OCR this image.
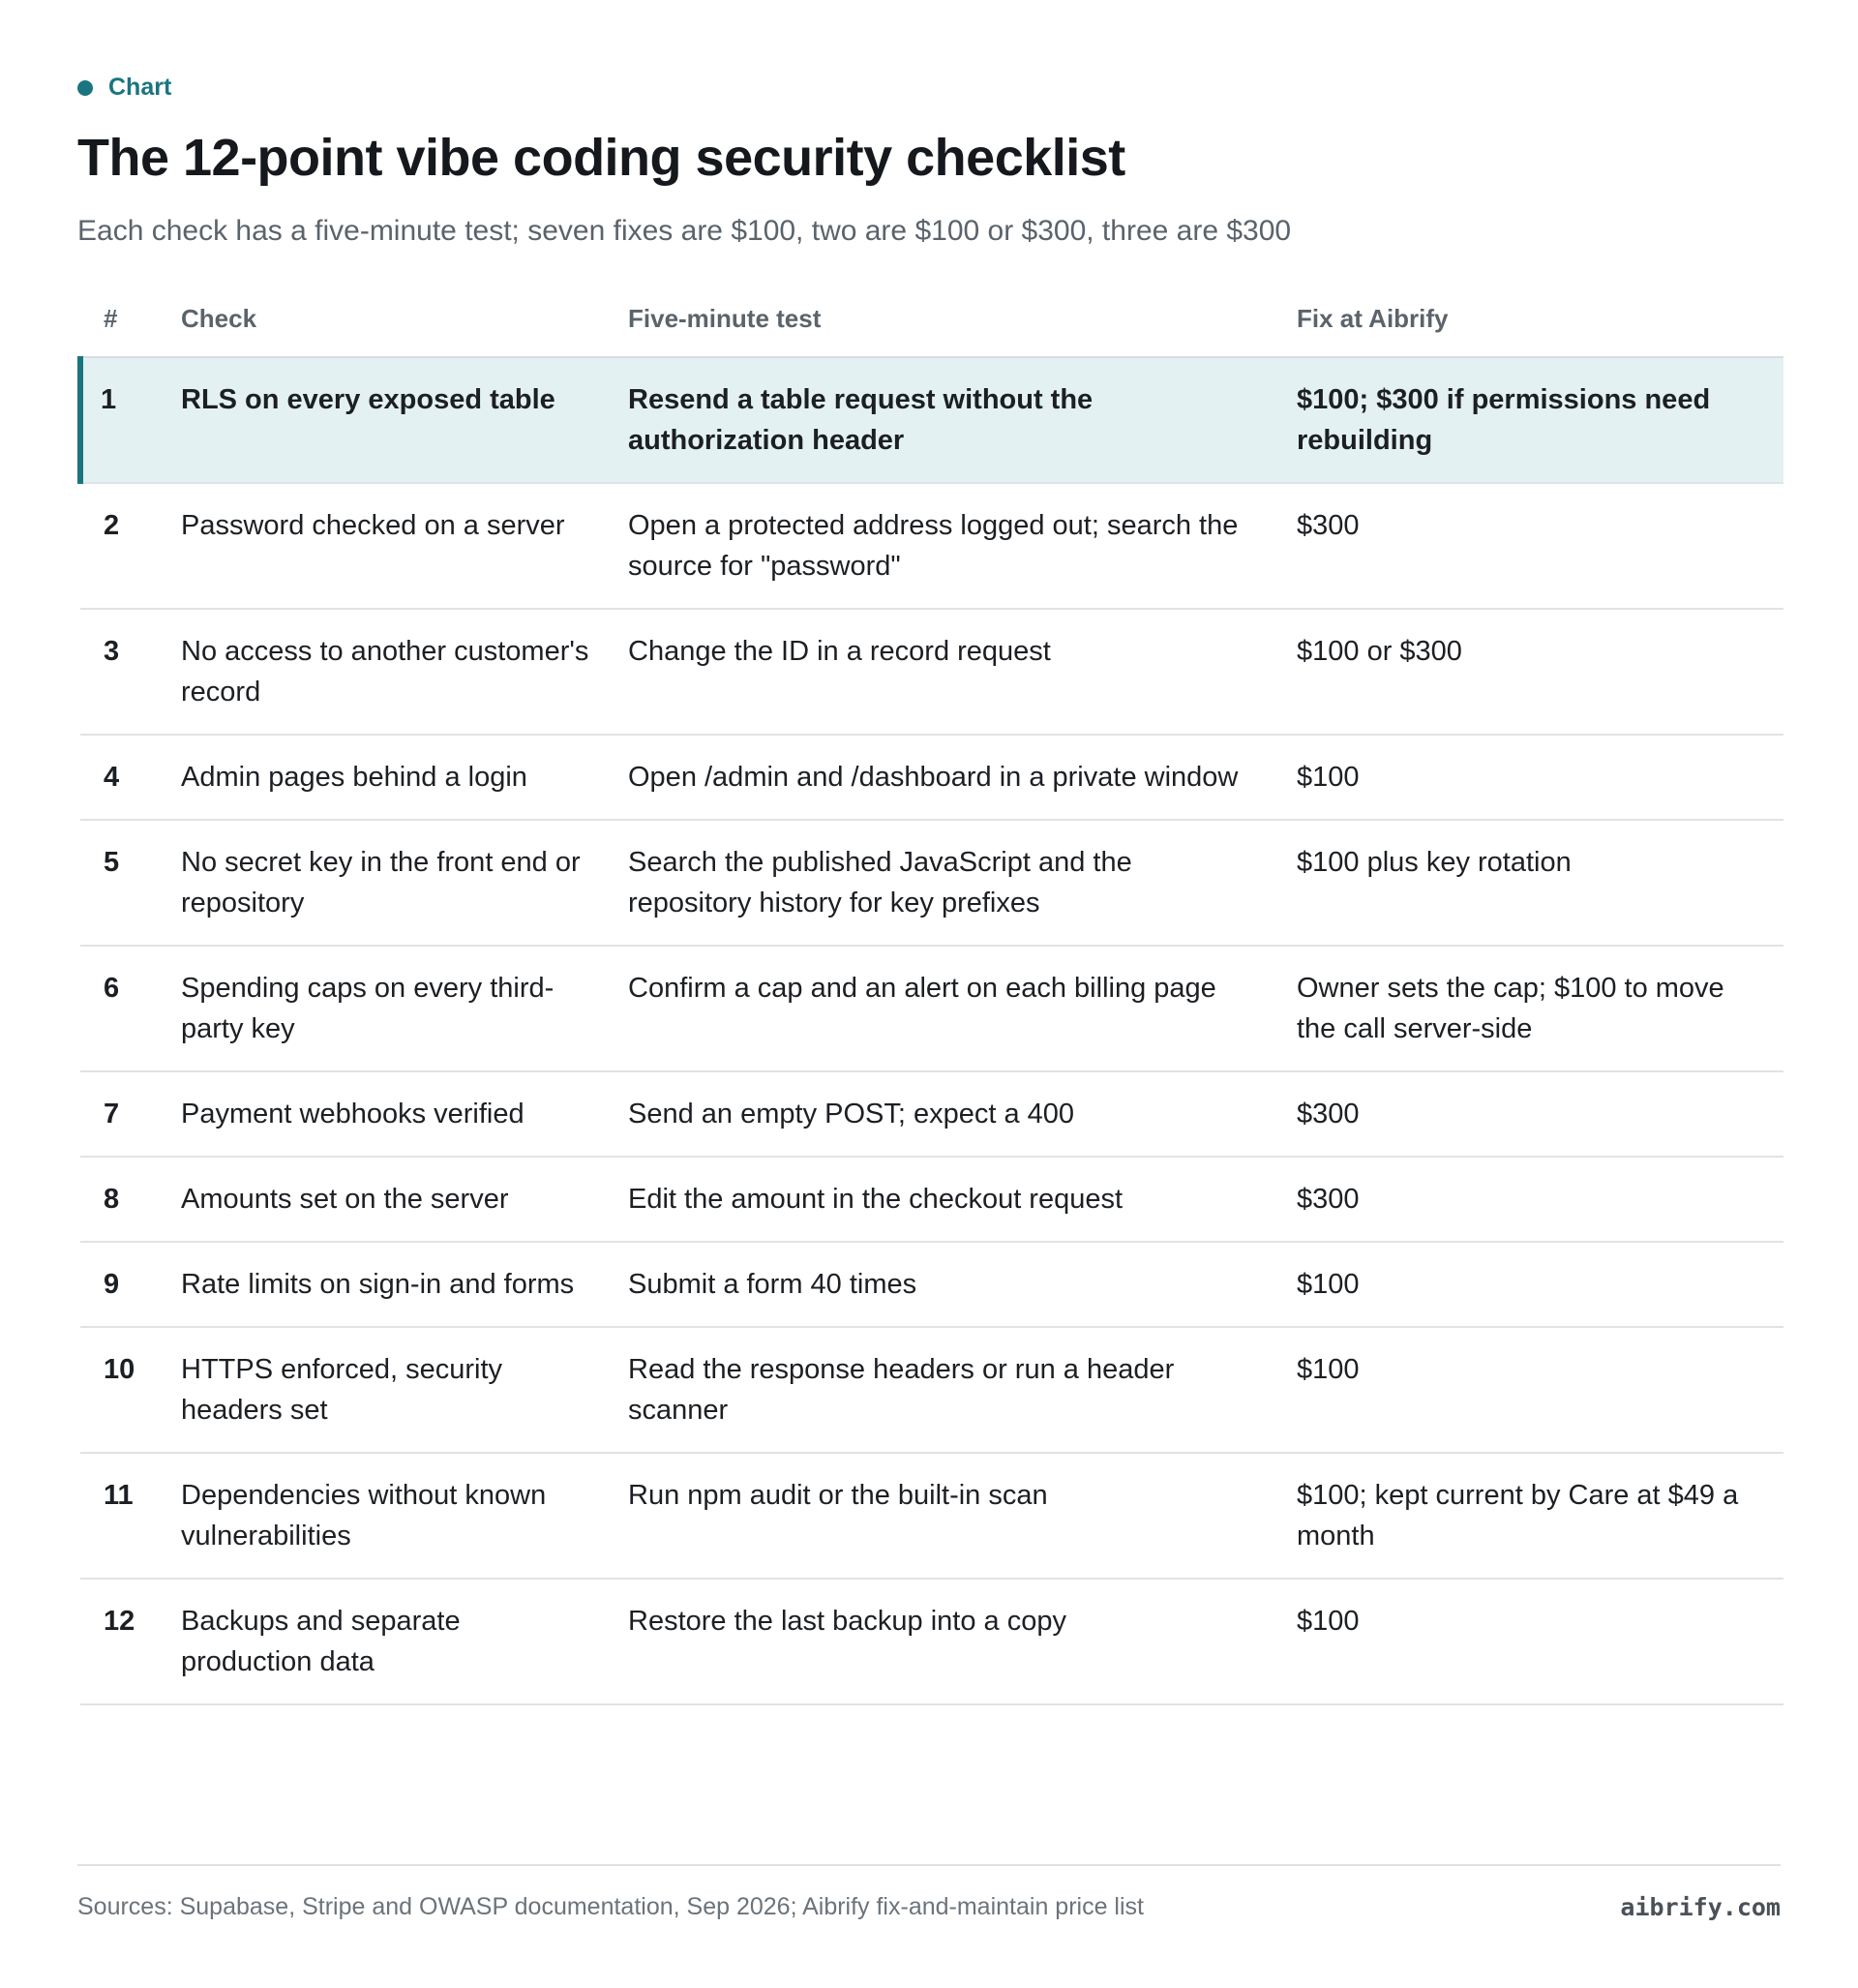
Chart
The 12-point vibe coding security checklist

Each check has a five-minute test; seven fixes are $100, two are $100 or $300, three are $300

#	Check	Five-minute test	Fix at Aibrify
1	RLS on every exposed table	Resend a table request without the authorization header	$100; $300 if permissions need rebuilding
2	Password checked on a server	Open a protected address logged out; search the source for "password"	$300
3	No access to another customer's record	Change the ID in a record request	$100 or $300
4	Admin pages behind a login	Open /admin and /dashboard in a private window	$100
5	No secret key in the front end or repository	Search the published JavaScript and the repository history for key prefixes	$100 plus key rotation
6	Spending caps on every third-party key	Confirm a cap and an alert on each billing page	Owner sets the cap; $100 to move the call server-side
7	Payment webhooks verified	Send an empty POST; expect a 400	$300
8	Amounts set on the server	Edit the amount in the checkout request	$300
9	Rate limits on sign-in and forms	Submit a form 40 times	$100
10	HTTPS enforced, security headers set	Read the response headers or run a header scanner	$100
11	Dependencies without known vulnerabilities	Run npm audit or the built-in scan	$100; kept current by Care at $49 a month
12	Backups and separate production data	Restore the last backup into a copy	$100
Sources: Supabase, Stripe and OWASP documentation, Sep 2026; Aibrify fix-and-maintain price list	aibrify.com
